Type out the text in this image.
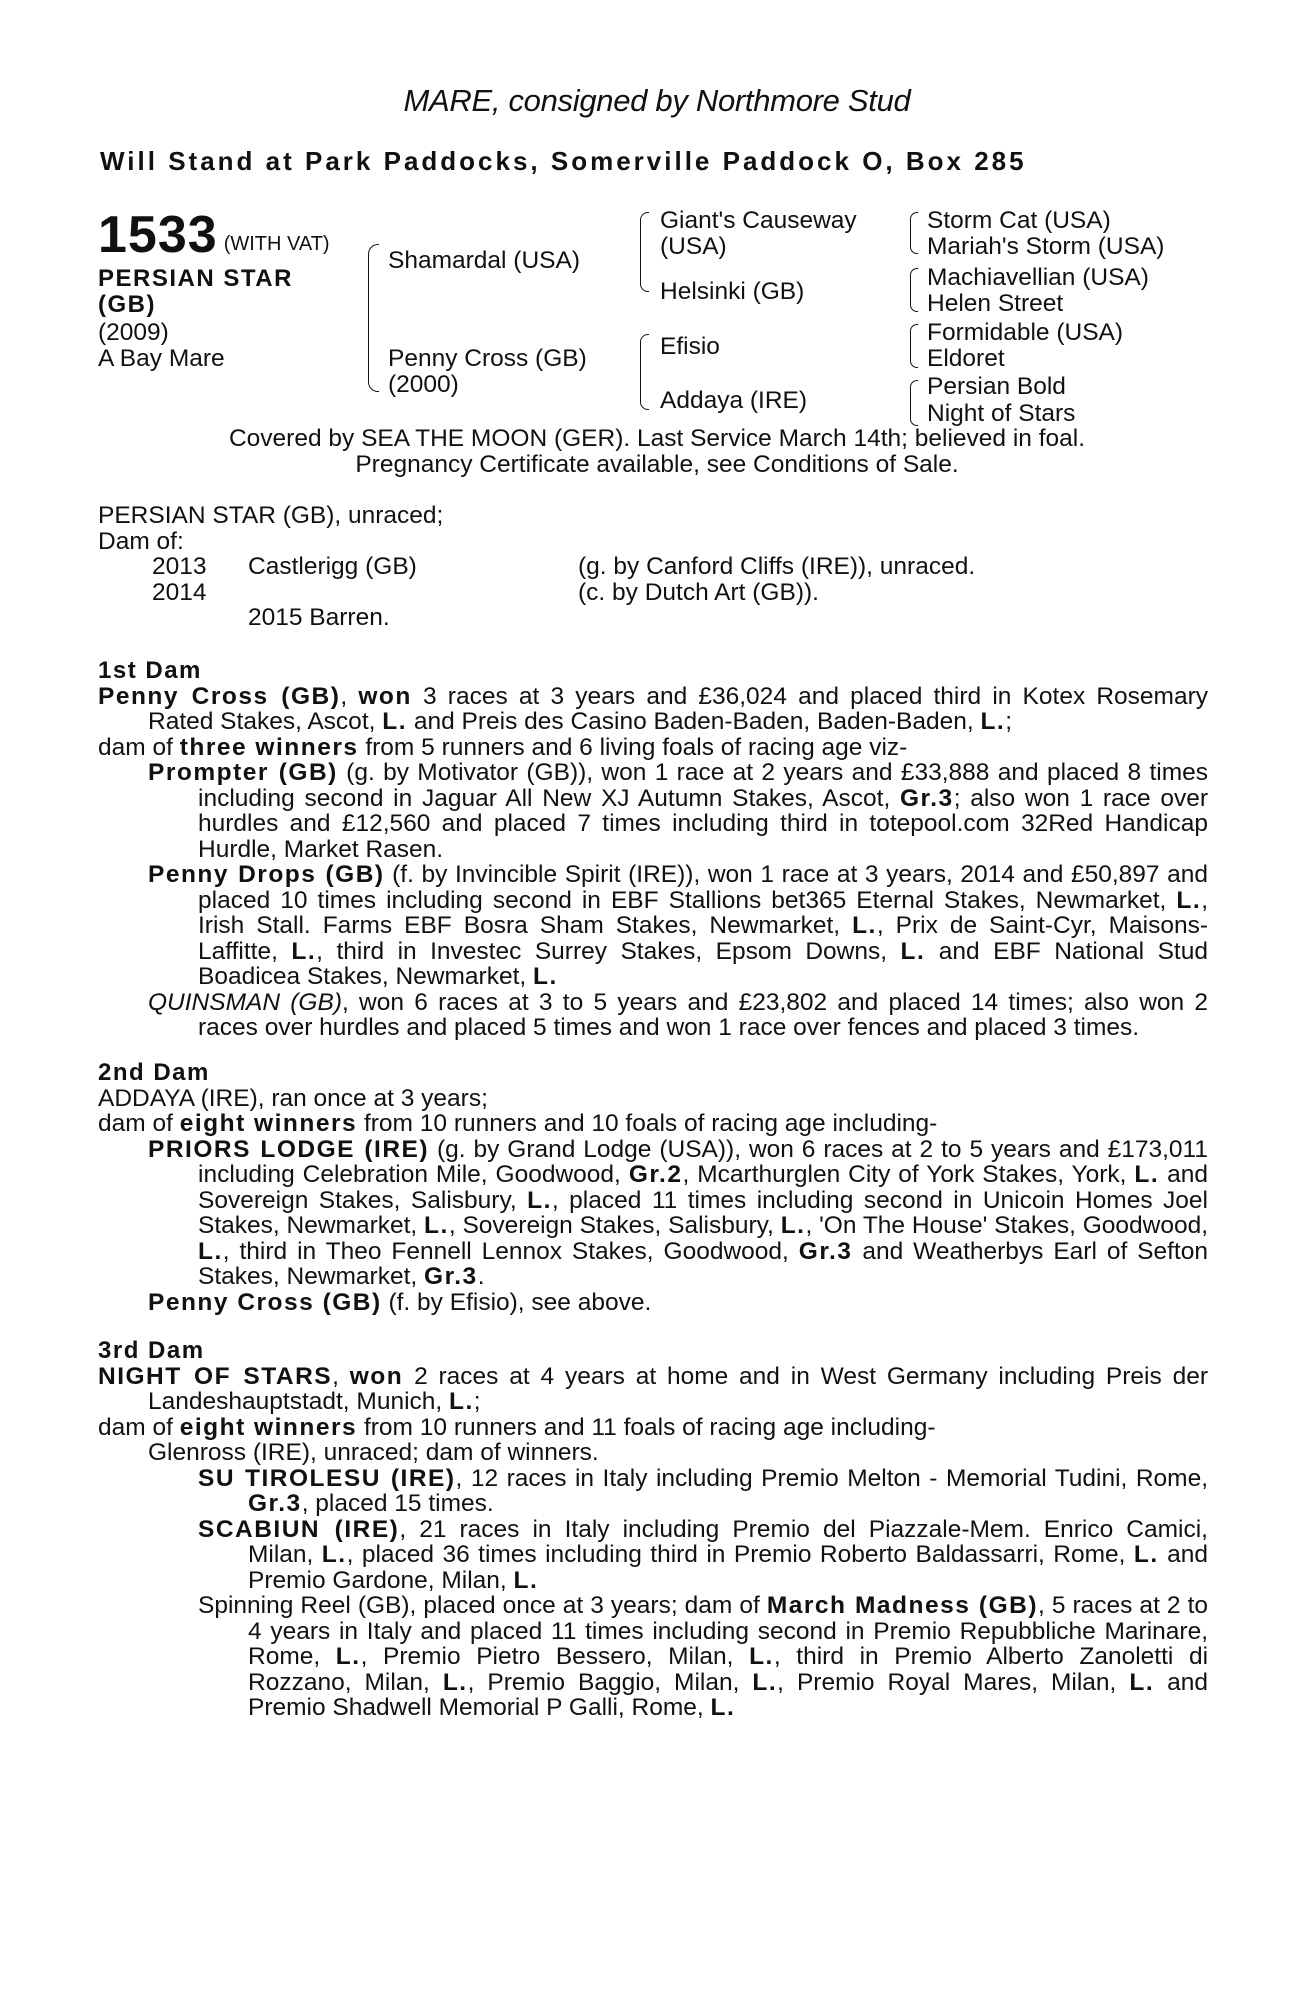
MARE, consigned by Northmore Stud
Will Stand at Park Paddocks, Somerville Paddock O, Box 285
1533 (WITH VAT)
PERSIAN STAR
(GB)
(2009)
A Bay Mare
Shamardal (USA)
Penny Cross (GB)
(2000)
Giant's Causeway
(USA)
Helsinki (GB)
Efisio
Addaya (IRE)
Storm Cat (USA)
Mariah's Storm (USA)
Machiavellian (USA)
Helen Street
Formidable (USA)
Eldoret
Persian Bold
Night of Stars
Covered by SEA THE MOON (GER). Last Service March 14th; believed in foal.
Pregnancy Certificate available, see Conditions of Sale.
PERSIAN STAR (GB), unraced;
Dam of:
2013 Castlerigg (GB)	(g. by Canford Cliffs (IRE)), unraced.
2014	(c. by Dutch Art (GB)).
2015 Barren.
1st Dam

Penny Cross (GB), won 3 races at 3 years and £36,024 and placed third in Kotex Rosemary Rated Stakes, Ascot, L. and Preis des Casino Baden-Baden, Baden-Baden, L.;

dam of three winners from 5 runners and 6 living foals of racing age viz-

Prompter (GB) (g. by Motivator (GB)), won 1 race at 2 years and £33,888 and placed 8 times including second in Jaguar All New XJ Autumn Stakes, Ascot, Gr.3; also won 1 race over hurdles and £12,560 and placed 7 times including third in totepool.com 32Red Handicap Hurdle, Market Rasen.

Penny Drops (GB) (f. by Invincible Spirit (IRE)), won 1 race at 3 years, 2014 and £50,897 and placed 10 times including second in EBF Stallions bet365 Eternal Stakes, Newmarket, L., Irish Stall. Farms EBF Bosra Sham Stakes, Newmarket, L., Prix de Saint-Cyr, Maisons-Laffitte, L., third in Investec Surrey Stakes, Epsom Downs, L. and EBF National Stud Boadicea Stakes, Newmarket, L.

QUINSMAN (GB), won 6 races at 3 to 5 years and £23,802 and placed 14 times; also won 2 races over hurdles and placed 5 times and won 1 race over fences and placed 3 times.

2nd Dam
ADDAYA (IRE), ran once at 3 years;
dam of eight winners from 10 runners and 10 foals of racing age including-

PRIORS LODGE (IRE) (g. by Grand Lodge (USA)), won 6 races at 2 to 5 years and £173,011 including Celebration Mile, Goodwood, Gr.2, Mcarthurglen City of York Stakes, York, L. and Sovereign Stakes, Salisbury, L., placed 11 times including second in Unicoin Homes Joel Stakes, Newmarket, L., Sovereign Stakes, Salisbury, L., 'On The House' Stakes, Goodwood, L., third in Theo Fennell Lennox Stakes, Goodwood, Gr.3 and Weatherbys Earl of Sefton Stakes, Newmarket, Gr.3.

Penny Cross (GB) (f. by Efisio), see above.

3rd Dam

NIGHT OF STARS, won 2 races at 4 years at home and in West Germany including Preis der Landeshauptstadt, Munich, L.;

dam of eight winners from 10 runners and 11 foals of racing age including-

Glenross (IRE), unraced; dam of winners.

SU TIROLESU (IRE), 12 races in Italy including Premio Melton - Memorial Tudini, Rome, Gr.3, placed 15 times.

SCABIUN (IRE), 21 races in Italy including Premio del Piazzale-Mem. Enrico Camici, Milan, L., placed 36 times including third in Premio Roberto Baldassarri, Rome, L. and Premio Gardone, Milan, L.

Spinning Reel (GB), placed once at 3 years; dam of March Madness (GB), 5 races at 2 to 4 years in Italy and placed 11 times including second in Premio Repubbliche Marinare, Rome, L., Premio Pietro Bessero, Milan, L., third in Premio Alberto Zanoletti di Rozzano, Milan, L., Premio Baggio, Milan, L., Premio Royal Mares, Milan, L. and Premio Shadwell Memorial P Galli, Rome, L.
